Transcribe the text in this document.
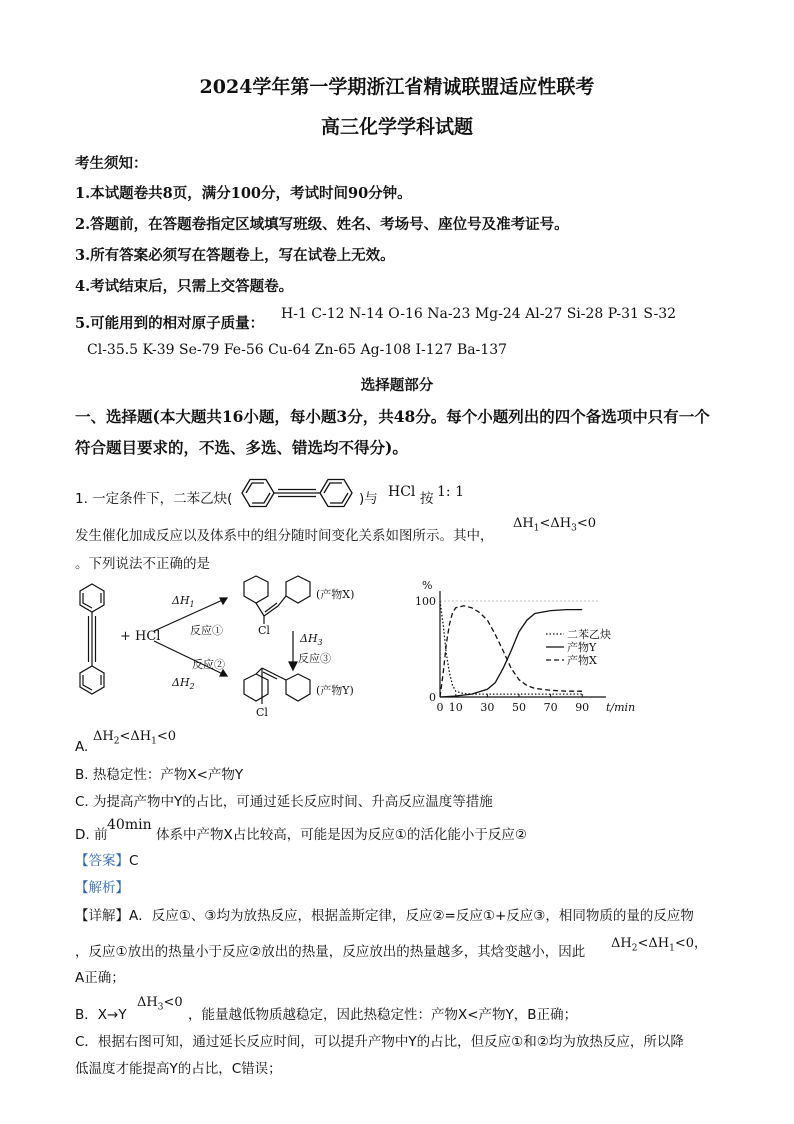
2024学年第一学期浙江省精诚联盟适应性联考
高三化学学科试题
考生须知：
1.本试题卷共8页，满分100分，考试时间90分钟。
2.答题前，在答题卷指定区域填写班级、姓名、考场号、座位号及准考证号。
3.所有答案必须写在答题卷上，写在试卷上无效。
4.考试结束后，只需上交答题卷。
5.可能用到的相对原子质量：
H-1 C-12 N-14 O-16 Na-23 Mg-24 Al-27 Si-28 P-31 S-32
Cl-35.5 K-39 Se-79 Fe-56 Cu-64 Zn-65 Ag-108 I-127 Ba-137
选择题部分
一、选择题(本大题共16小题，每小题3分，共48分。每个小题列出的四个备选项中只有一个
符合题目要求的，不选、多选、错选均不得分)。
1. 一定条件下，二苯乙炔(	)与 HCl 按 1: 1
发生催化加成反应以及体系中的组分随时间变化关系如图所示。其中，
$\Delta H_1<\Delta H_3<0$
。下列说法不正确的是
+ HCl
$\Delta H_1$
反应①
反应②
$\Delta H_2$
$\Delta H_3$
反应③
Cl
Cl
(产物X)
(产物Y)
%
0
100
0 10 30 50 70 90 t/min
二苯乙炔
产物Y
产物X
A.
$\Delta H_2<\Delta H_1<0$
B. 热稳定性：产物X<产物Y
C. 为提高产物中Y的占比，可通过延长反应时间、升高反应温度等措施
D. 前
40min
体系中产物X占比较高，可能是因为反应①的活化能小于反应②
【答案】C
【解析】
【详解】A．反应①、③均为放热反应，根据盖斯定律，反应②=反应①+反应③，相同物质的量的反应物
，反应①放出的热量小于反应②放出的热量，反应放出的热量越多，其焓变越小，因此
$\Delta H_2<\Delta H_1<0$，
A正确；
B．X→Y
$\Delta H_3<0$
，能量越低物质越稳定，因此热稳定性：产物X<产物Y，B正确；
C．根据右图可知，通过延长反应时间，可以提升产物中Y的占比，但反应①和②均为放热反应，所以降
低温度才能提高Y的占比，C错误；
